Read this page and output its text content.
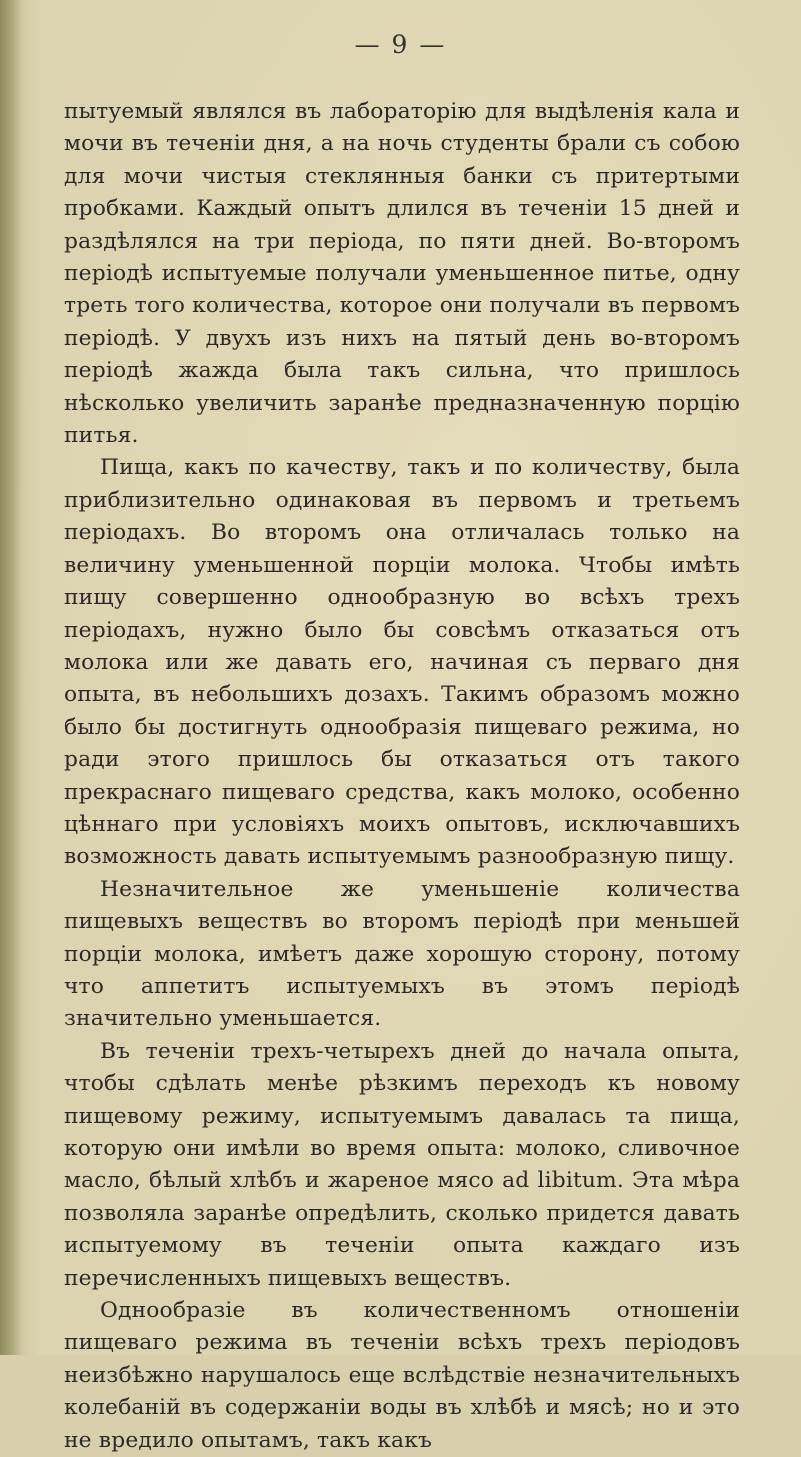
— 9 —

пытуемый являлся въ лабораторію для выдѣленія кала и мочи въ теченіи дня, а на ночь студенты брали съ собою для мочи чистыя стеклянныя банки съ притертыми пробками. Каждый опытъ длился въ теченіи 15 дней и раздѣлялся на три періода, по пяти дней. Во-второмъ періодѣ испытуемые получали уменьшенное питье, одну треть того количества, которое они получали въ первомъ періодѣ. У двухъ изъ нихъ на пятый день во-второмъ періодѣ жажда была такъ сильна, что пришлось нѣсколько увеличить заранѣе предназначенную порцію питья.

Пища, какъ по качеству, такъ и по количеству, была приблизительно одинаковая въ первомъ и третьемъ періодахъ. Во второмъ она отличалась только на величину уменьшенной порціи молока. Чтобы имѣть пищу совершенно однообразную во всѣхъ трехъ періодахъ, нужно было бы совсѣмъ отказаться отъ молока или же давать его, начиная съ перваго дня опыта, въ небольшихъ дозахъ. Такимъ образомъ можно было бы достигнуть однообразія пищеваго режима, но ради этого пришлось бы отказаться отъ такого прекраснаго пищеваго средства, какъ молоко, особенно цѣннаго при условіяхъ моихъ опытовъ, исключавшихъ возможность давать испытуемымъ разнообразную пищу.

Незначительное же уменьшеніе количества пищевыхъ веществъ во второмъ періодѣ при меньшей порціи молока, имѣетъ даже хорошую сторону, потому что аппетитъ испытуемыхъ въ этомъ періодѣ значительно уменьшается.

Въ теченіи трехъ-четырехъ дней до начала опыта, чтобы сдѣлать менѣе рѣзкимъ переходъ къ новому пищевому режиму, испытуемымъ давалась та пища, которую они имѣли во время опыта: молоко, сливочное масло, бѣлый хлѣбъ и жареное мясо ad libitum. Эта мѣра позволяла заранѣе опредѣлить, сколько придется давать испытуемому въ теченіи опыта каждаго изъ перечисленныхъ пищевыхъ веществъ.

Однообразіе въ количественномъ отношеніи пищеваго режима въ теченіи всѣхъ трехъ періодовъ неизбѣжно нарушалось еще вслѣдствіе незначительныхъ колебаній въ содержаніи воды въ хлѣбѣ и мясѣ; но и это не вредило опытамъ, такъ какъ
